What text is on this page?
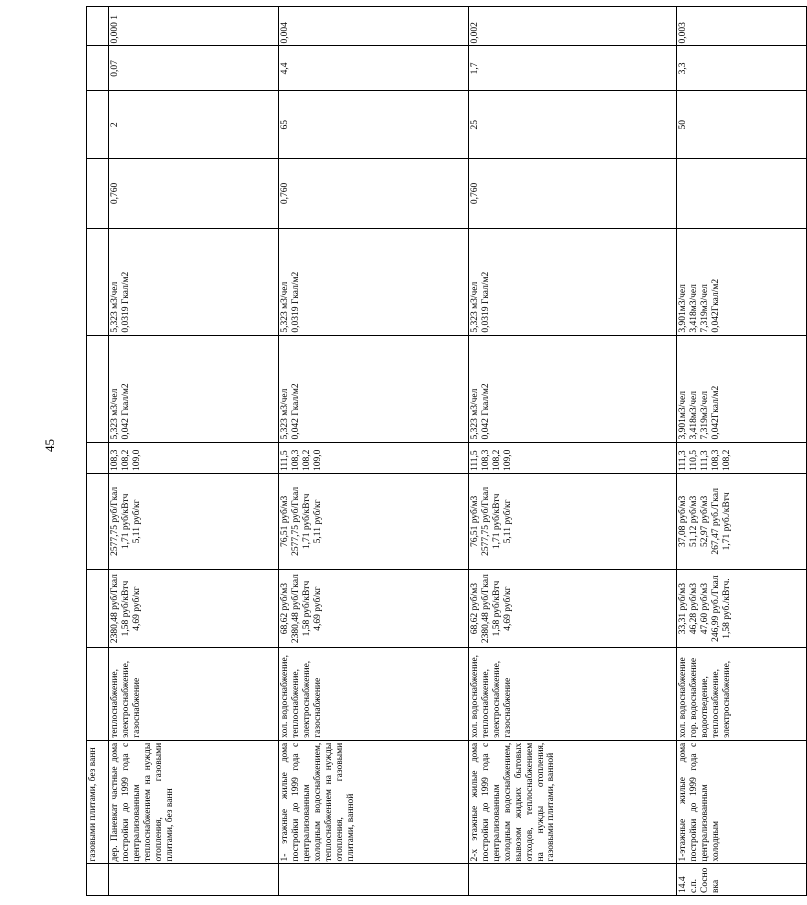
45
	газовыми плитами, без ванн										
	дер. Паневкат частные дома постройки до 1999 года с централизованным теплоснабжением на нужды отопления, газовыми плитами, без ванн	теплоснабжение, электроснабжение, газоснабжение	2380,48 руб/Гкал 1,58 руб/кВтч 4,69 руб/кг	2577,75 руб/Гкал 1,71 руб/кВтч 5,11 руб/кг	108,3 108,2 109,0	5,323 м3/чел 0,042 Гкал/м2	5,323 м3/чел 0,0319 Гкал/м2	0,760	2	0,07	0,000 1
	1- этажные жилые дома постройки до 1999 года с централизованным холодным водоснабжением, теплоснабжением на нужды отопления, газовыми плитами, ванной	хол. водоснабжение, теплоснабжение, электроснабжение, газоснабжение	68,62 руб/м3 2380,48 руб/Гкал 1,58 руб/кВтч 4,69 руб/кг	76,51 руб/м3 2577,75 руб/Гкал 1,71 руб/кВтч 5,11 руб/кг	111,5 108,3 108,2 109,0	5,323 м3/чел 0,042 Гкал/м2	5,323 м3/чел 0,0319 Гкал/м2	0,760	65	4,4	0,004
	2-х этажные жилые дома постройки до 1999 года с централизованным холодным водоснабжением, вывозом жидких бытовых отходов, теплоснабжением на нужды отопления, газовыми плитами, ванной	хол. водоснабжение, теплоснабжение, электроснабжение, газоснабжение	68,62 руб/м3 2380,48 руб/Гкал 1,58 руб/кВтч 4,69 руб/кг	76,51 руб/м3 2577,75 руб/Гкал 1,71 руб/кВтч 5,11 руб/кг	111,5 108,3 108,2 109,0	5,323 м3/чел 0,042 Гкал/м2	5,323 м3/чел 0,0319 Гкал/м2	0,760	25	1,7	0,002
14.4 с.п. Сосно вка	1-этажные жилые дома постройки до 1999 года с централизованным холодным	хол. водоснабжение гор. водоснабжение водоотведение, теплоснабжение, электроснабжение,	33,31 руб/м3 46,28 руб/м3 47,60 руб/м3 246,99 руб./Гкал 1,58 руб./кВтч.	37,08 руб/м3 51,12 руб/м3 52,97 руб/м3 267,47 руб./Гкал 1,71 руб./кВтч	111,3 110,5 111,3 108,3 108,2	3,901м3/чел 3,418м3/чел 7,319м3/чел 0,042Гкал/м2	3,901м3/чел 3,418м3/чел 7,319м3/чел 0,042Гкал/м2		50	3,3	0,003
